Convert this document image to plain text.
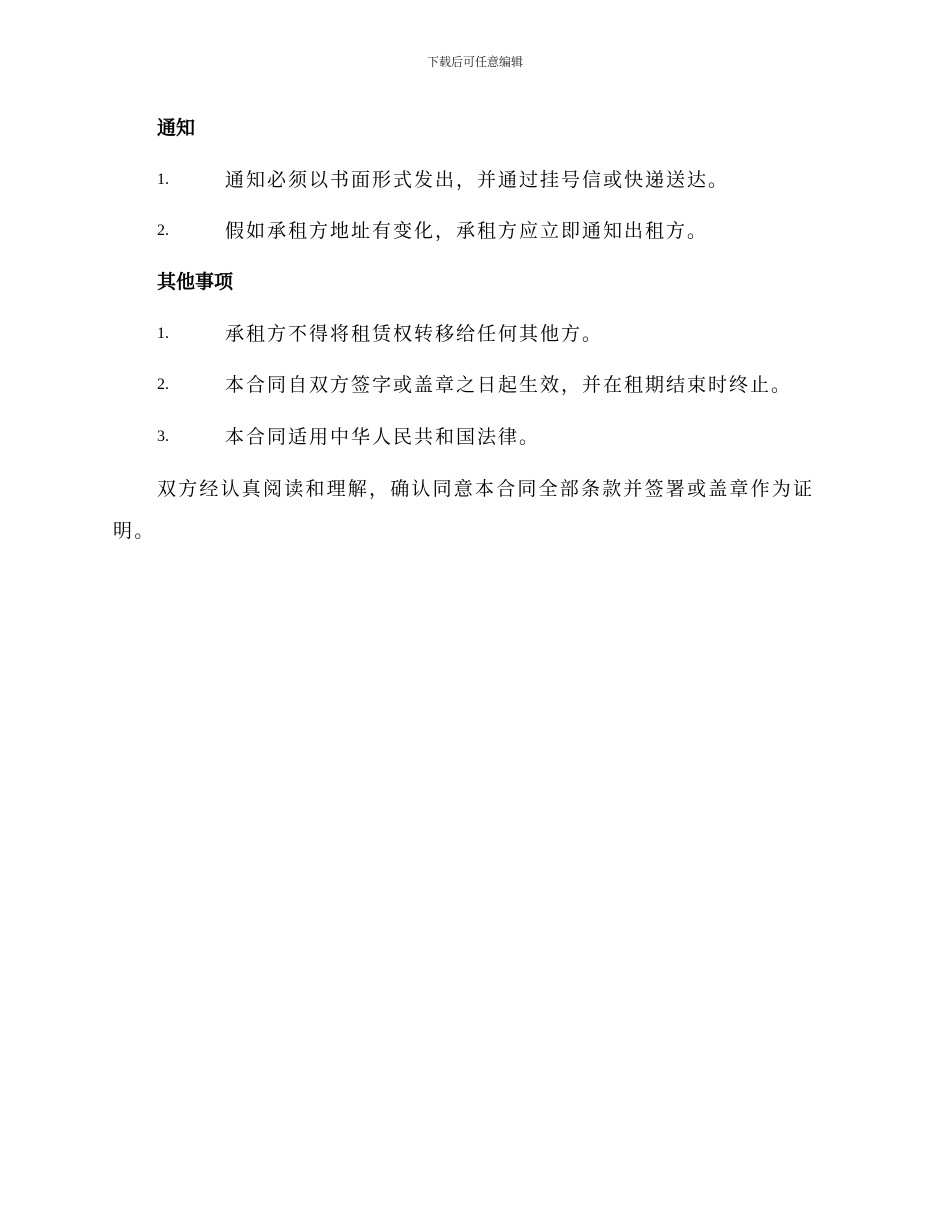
下载后可任意编辑
通知
1.	通知必须以书面形式发出，并通过挂号信或快递送达。
2.	假如承租方地址有变化，承租方应立即通知出租方。
其他事项
1.	承租方不得将租赁权转移给任何其他方。
2.	本合同自双方签字或盖章之日起生效，并在租期结束时终止。
3.	本合同适用中华人民共和国法律。
双方经认真阅读和理解，确认同意本合同全部条款并签署或盖章作为证明。
